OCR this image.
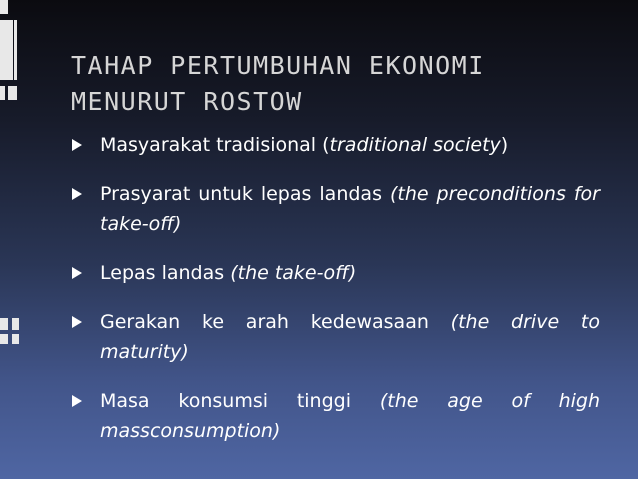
TAHAP PERTUMBUHAN EKONOMI
MENURUT ROSTOW
Masyarakat tradisional (traditional society)
Prasyarat untuk lepas landas (the preconditions for take-off)
Lepas landas (the take-off)
Gerakan ke arah kedewasaan (the drive to maturity)
Masa konsumsi tinggi (the age of high massconsumption)
